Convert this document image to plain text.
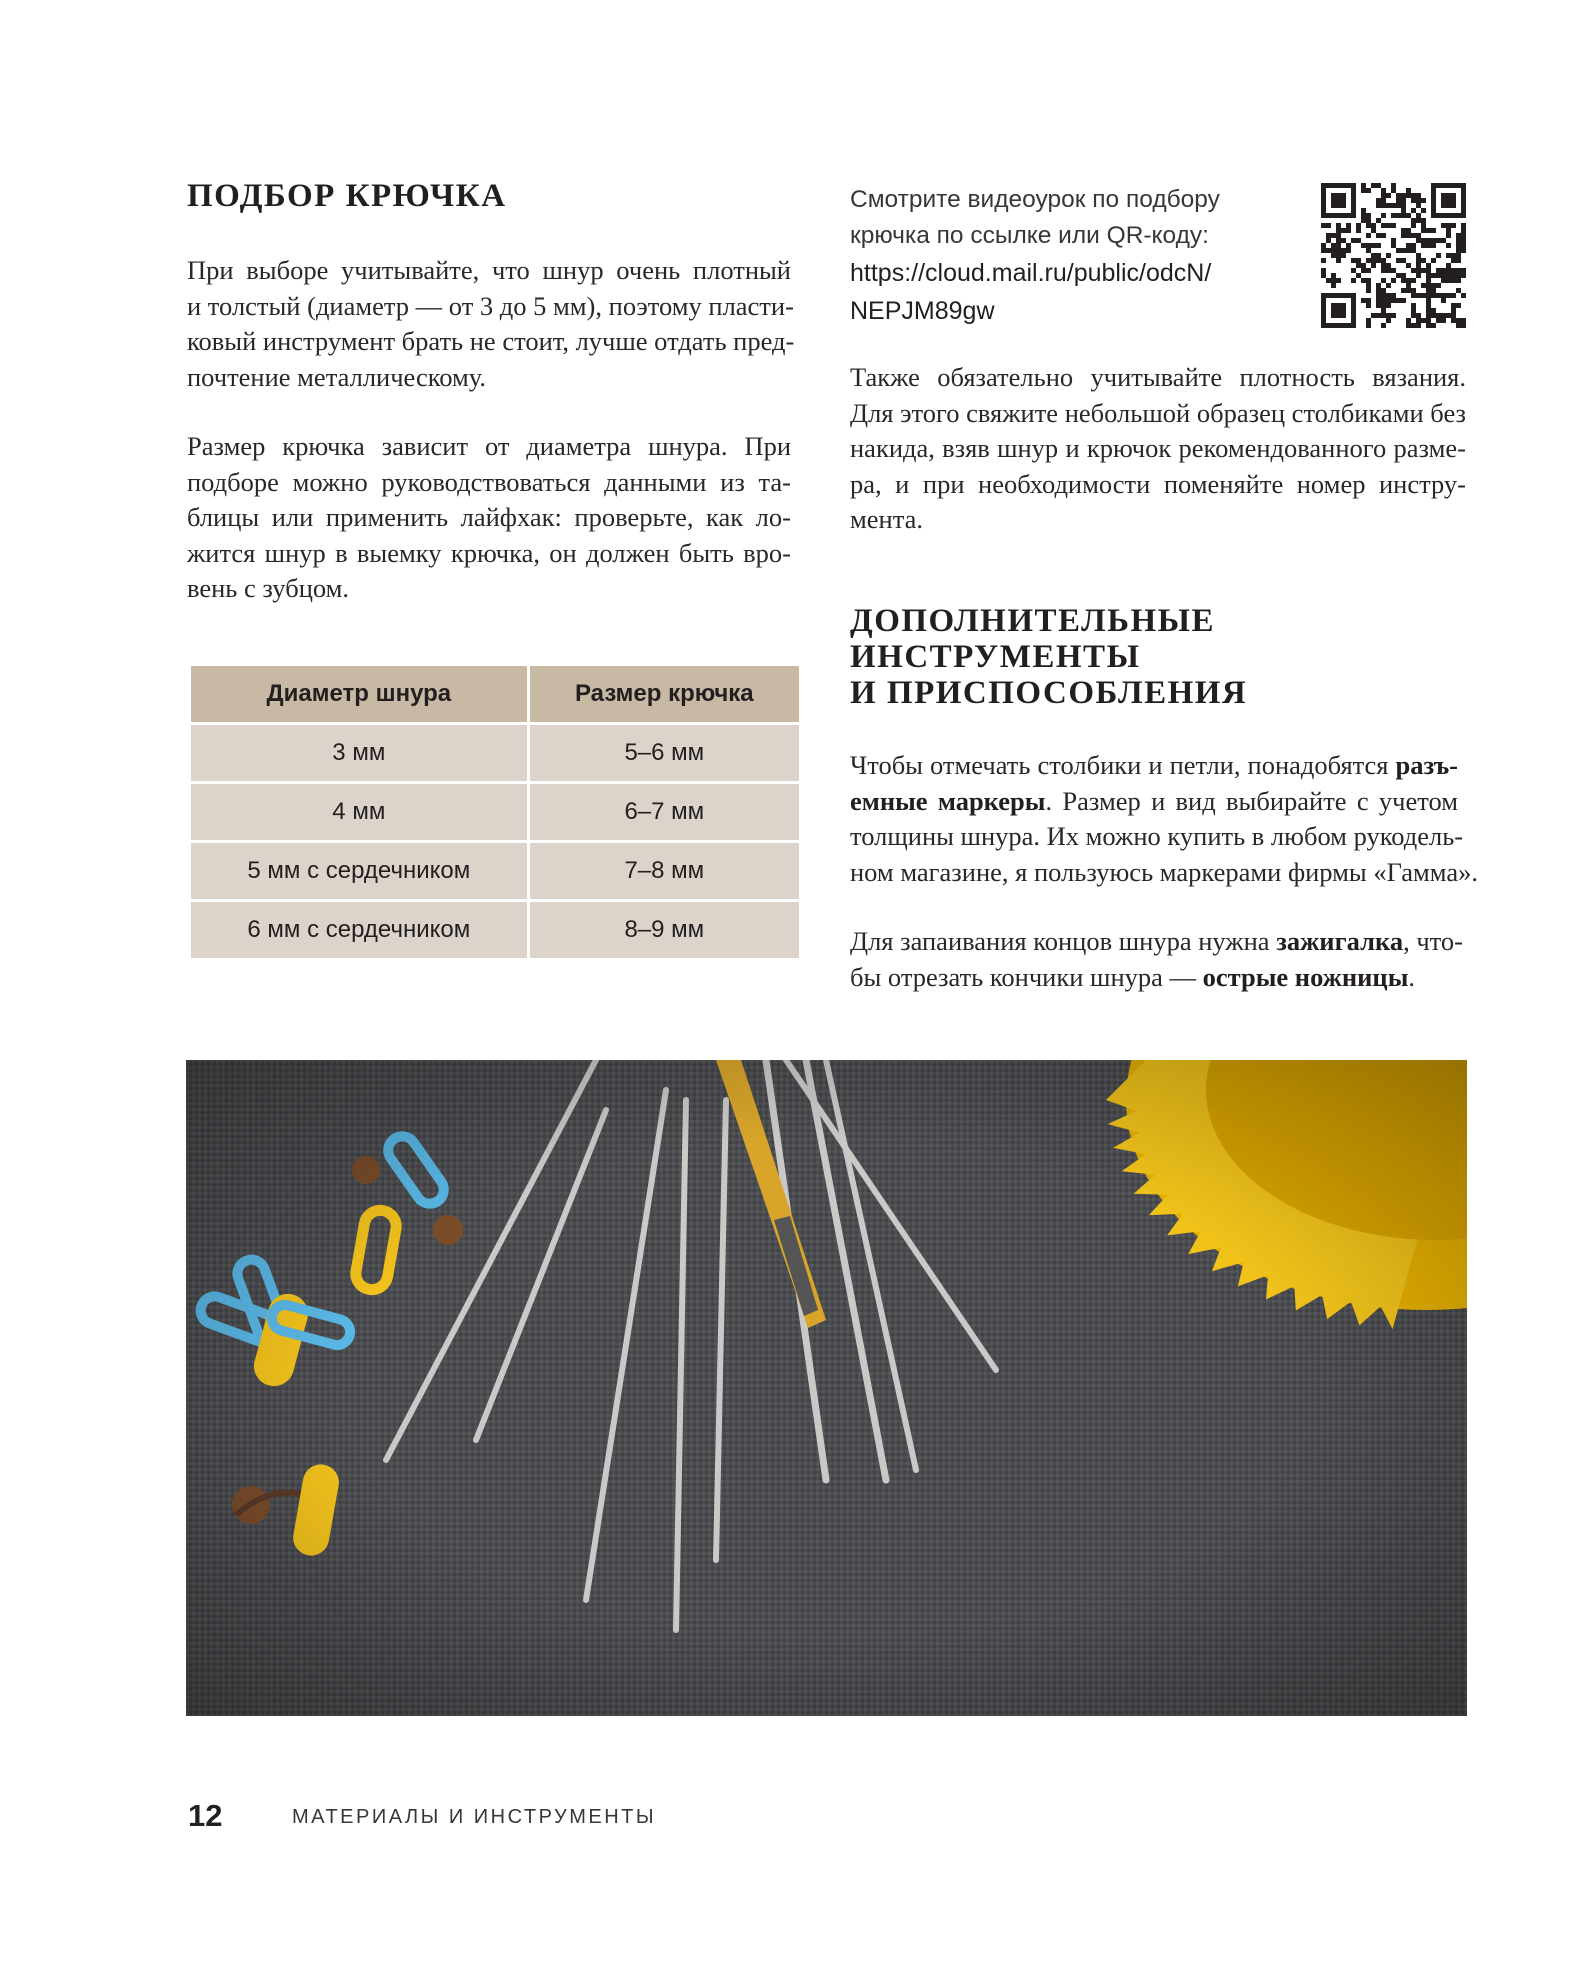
ПОДБОР КРЮЧКА
При выборе учитывайте, что шнур очень плотный
и толстый (диаметр — от 3 до 5 мм), поэтому пласти-
ковый инструмент брать не стоит, лучше отдать пред-
почтение металлическому.
Размер крючка зависит от диаметра шнура. При
подборе можно руководствоваться данными из та-
блицы или применить лайфхак: проверьте, как ло-
жится шнур в выемку крючка, он должен быть вро-
вень с зубцом.
Диаметр шнура	Размер крючка
3 мм	5–6 мм
4 мм	6–7 мм
5 мм с сердечником	7–8 мм
6 мм с сердечником	8–9 мм
Смотрите видеоурок по подбору
крючка по ссылке или QR-коду:
https://cloud.mail.ru/public/odcN/
NEPJM89gw
Также обязательно учитывайте плотность вязания.
Для этого свяжите небольшой образец столбиками без
накида, взяв шнур и крючок рекомендованного разме-
ра, и при необходимости поменяйте номер инстру-
мента.
ДОПОЛНИТЕЛЬНЫЕ
ИНСТРУМЕНТЫ
И ПРИСПОСОБЛЕНИЯ
Чтобы отмечать столбики и петли, понадобятся разъ-
емные маркеры. Размер и вид выбирайте с учетом
толщины шнура. Их можно купить в любом рукодель-
ном магазине, я пользуюсь маркерами фирмы «Гамма».
Для запаивания концов шнура нужна зажигалка, что-
бы отрезать кончики шнура — острые ножницы.
12	МАТЕРИАЛЫ И ИНСТРУМЕНТЫ
